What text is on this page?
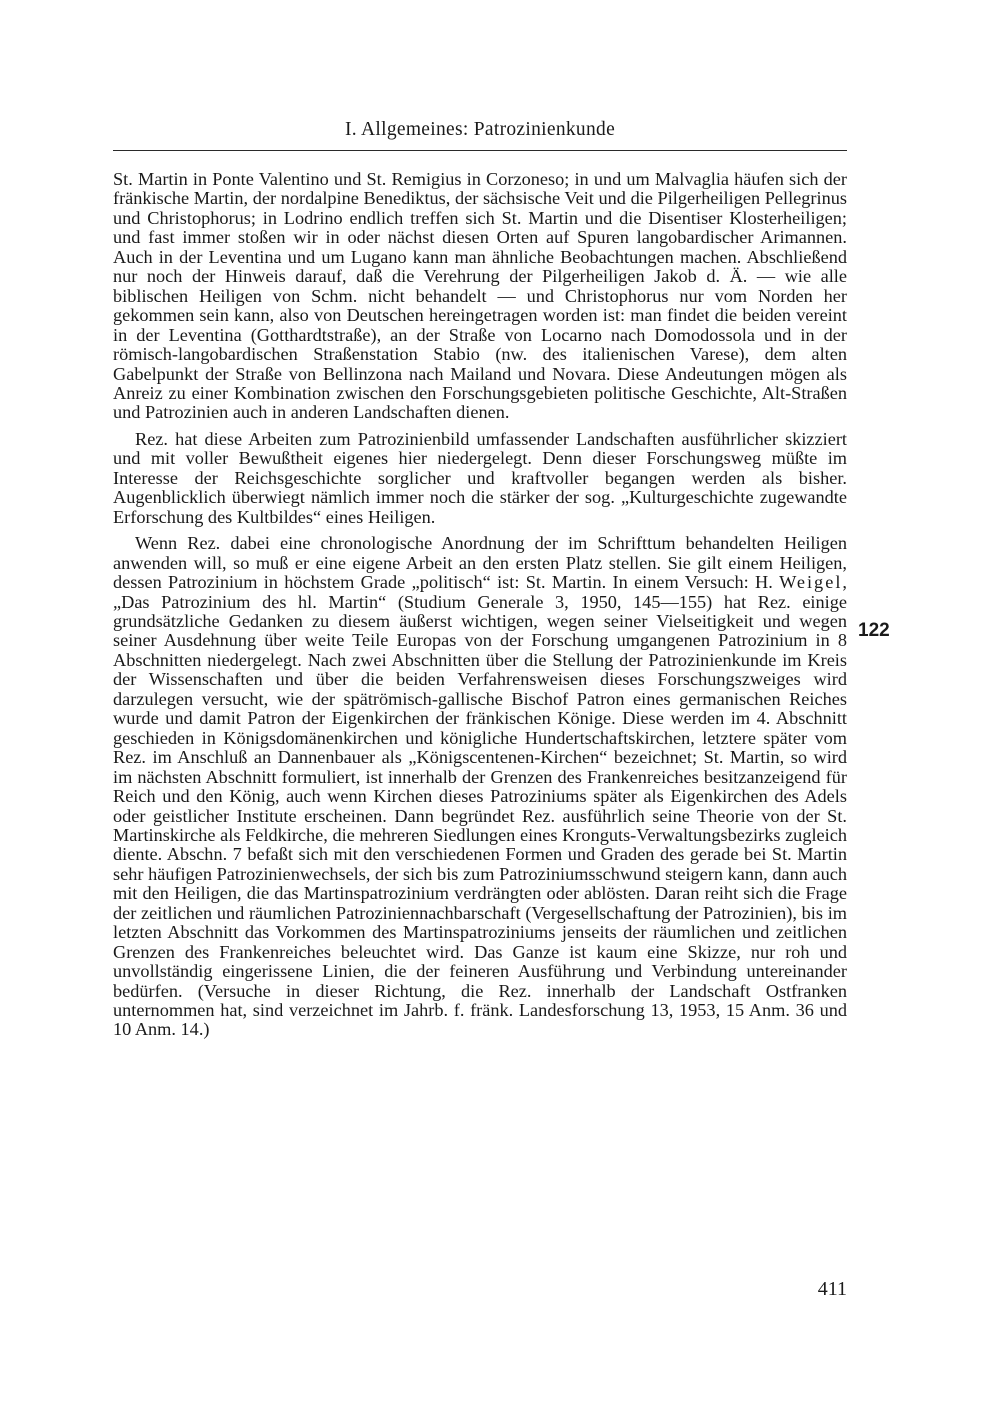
I. Allgemeines: Patrozinienkunde

St. Martin in Ponte Valentino und St. Remigius in Corzoneso; in und um Malvaglia häufen sich der fränkische Martin, der nordalpine Benediktus, der sächsische Veit und die Pilgerheiligen Pellegrinus und Christophorus; in Lodrino endlich treffen sich St. Martin und die Disentiser Klosterheiligen; und fast immer stoßen wir in oder nächst diesen Orten auf Spuren langobardischer Arimannen. Auch in der Leventina und um Lugano kann man ähnliche Beobachtungen machen. Abschließend nur noch der Hinweis darauf, daß die Verehrung der Pilgerheiligen Jakob d. Ä. — wie alle biblischen Heiligen von Schm. nicht behandelt — und Christophorus nur vom Norden her gekommen sein kann, also von Deutschen hereingetragen worden ist: man findet die beiden vereint in der Leventina (Gotthardtstraße), an der Straße von Locarno nach Domodossola und in der römisch-langobardischen Straßenstation Stabio (nw. des italienischen Varese), dem alten Gabelpunkt der Straße von Bellinzona nach Mailand und Novara. Diese Andeutungen mögen als Anreiz zu einer Kombination zwischen den Forschungsgebieten politische Geschichte, Alt-Straßen und Patrozinien auch in anderen Landschaften dienen.

Rez. hat diese Arbeiten zum Patrozinienbild umfassender Landschaften ausführlicher skizziert und mit voller Bewußtheit eigenes hier niedergelegt. Denn dieser Forschungsweg müßte im Interesse der Reichsgeschichte sorglicher und kraftvoller begangen werden als bisher. Augenblicklich überwiegt nämlich immer noch die stärker der sog. „Kulturgeschichte zugewandte Erforschung des Kultbildes“ eines Heiligen.

Wenn Rez. dabei eine chronologische Anordnung der im Schrifttum behandelten Heiligen anwenden will, so muß er eine eigene Arbeit an den ersten Platz stellen. Sie gilt einem Heiligen, dessen Patrozinium in höchstem Grade „politisch“ ist: St. Martin. In einem Versuch: H. Weigel, „Das Patrozinium des hl. Martin“ (Studium Generale 3, 1950, 145—155) hat Rez. einige grundsätzliche Gedanken zu diesem äußerst wichtigen, wegen seiner Vielseitigkeit und wegen seiner Ausdehnung über weite Teile Europas von der Forschung umgangenen Patrozinium in 8 Abschnitten niedergelegt. Nach zwei Abschnitten über die Stellung der Patrozinienkunde im Kreis der Wissenschaften und über die beiden Verfahrensweisen dieses Forschungszweiges wird darzulegen versucht, wie der spätrömisch-gallische Bischof Patron eines germanischen Reiches wurde und damit Patron der Eigenkirchen der fränkischen Könige. Diese werden im 4. Abschnitt geschieden in Königsdomänenkirchen und königliche Hundertschaftskirchen, letztere später vom Rez. im Anschluß an Dannenbauer als „Königscentenen-Kirchen“ bezeichnet; St. Martin, so wird im nächsten Abschnitt formuliert, ist innerhalb der Grenzen des Frankenreiches besitzanzeigend für Reich und den König, auch wenn Kirchen dieses Patroziniums später als Eigenkirchen des Adels oder geistlicher Institute erscheinen. Dann begründet Rez. ausführlich seine Theorie von der St. Martinskirche als Feldkirche, die mehreren Siedlungen eines Kronguts-Verwaltungsbezirks zugleich diente. Abschn. 7 befaßt sich mit den verschiedenen Formen und Graden des gerade bei St. Martin sehr häufigen Patrozinienwechsels, der sich bis zum Patroziniumsschwund steigern kann, dann auch mit den Heiligen, die das Martinspatrozinium verdrängten oder ablösten. Daran reiht sich die Frage der zeitlichen und räumlichen Patroziniennachbarschaft (Vergesellschaftung der Patrozinien), bis im letzten Abschnitt das Vorkommen des Martinspatroziniums jenseits der räumlichen und zeitlichen Grenzen des Frankenreiches beleuchtet wird. Das Ganze ist kaum eine Skizze, nur roh und unvollständig eingerissene Linien, die der feineren Ausführung und Verbindung untereinander bedürfen. (Versuche in dieser Richtung, die Rez. innerhalb der Landschaft Ostfranken unternommen hat, sind verzeichnet im Jahrb. f. fränk. Landesforschung 13, 1953, 15 Anm. 36 und 10 Anm. 14.)

122
411
